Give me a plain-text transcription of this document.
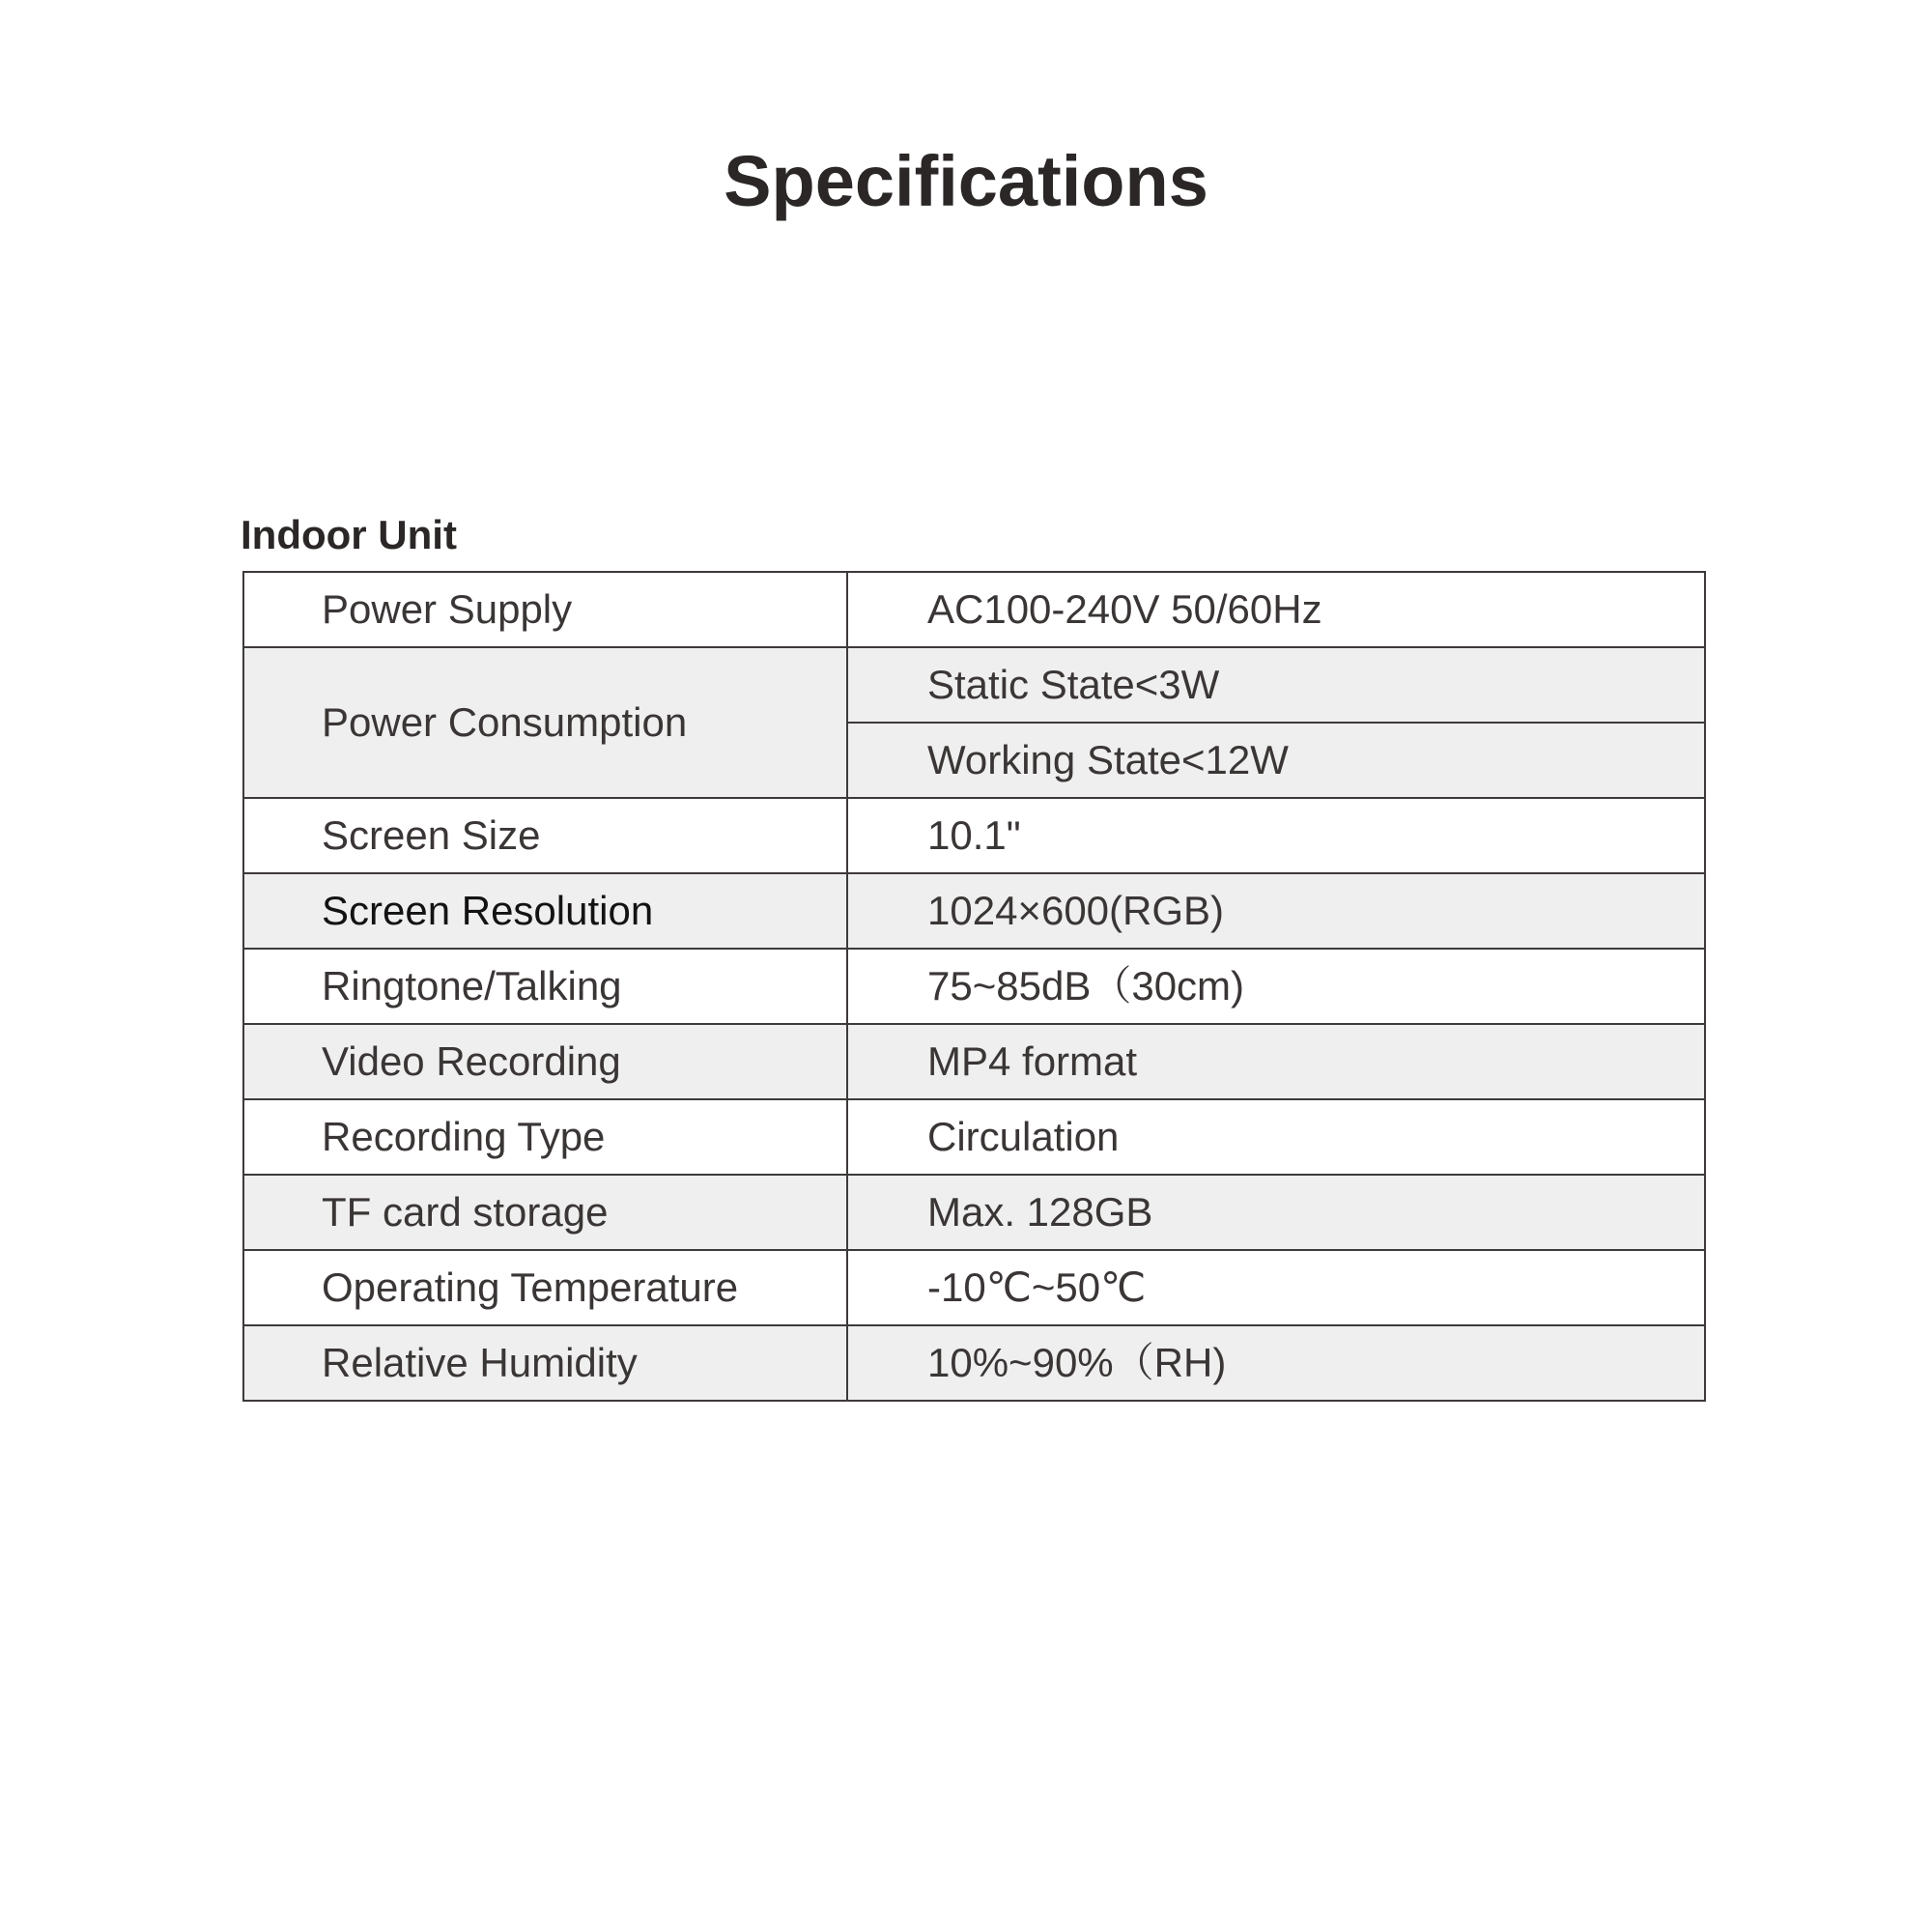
Specifications
Indoor Unit
Power Supply	AC100-240V 50/60Hz
Power Consumption	Static State<3W
	Working State<12W
Screen Size	10.1"
Screen Resolution	1024×600(RGB)
Ringtone/Talking	75~85dB（30cm)
Video Recording	MP4 format
Recording Type	Circulation
TF card storage	Max. 128GB
Operating Temperature	-10℃~50℃
Relative Humidity	10%~90%（RH)
